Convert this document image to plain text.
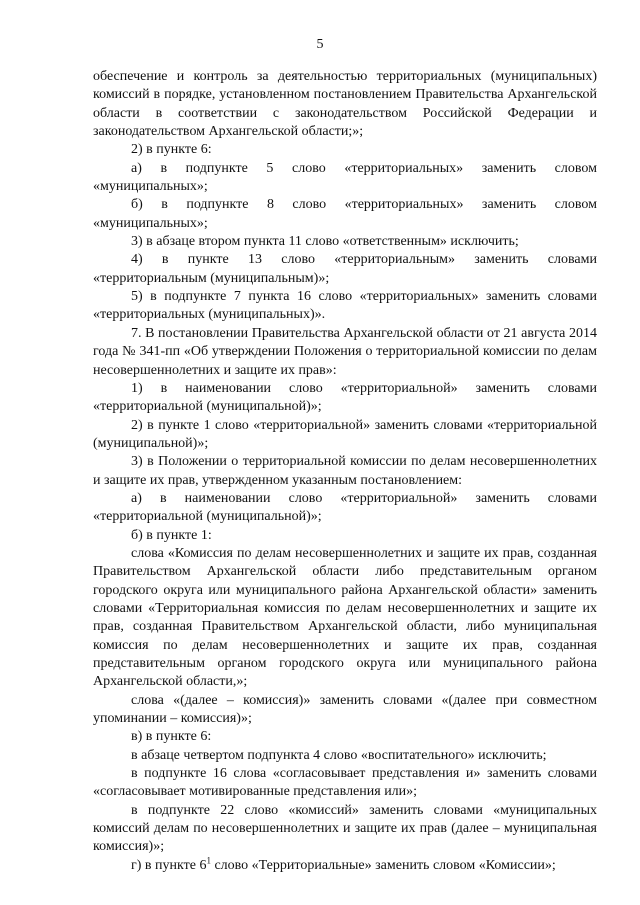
5

обеспечение и контроль за деятельностью территориальных (муниципальных) комиссий в порядке, установленном постановлением Правительства Архангельской области в соответствии с законодательством Российской Федерации и законодательством Архангельской области;»;

2) в пункте 6:

а) в подпункте 5 слово «территориальных» заменить словом «муниципальных»;

б) в подпункте 8 слово «территориальных» заменить словом «муниципальных»;

3) в абзаце втором пункта 11 слово «ответственным» исключить;

4) в пункте 13 слово «территориальным» заменить словами «территориальным (муниципальным)»;

5) в подпункте 7 пункта 16 слово «территориальных» заменить словами «территориальных (муниципальных)».

7. В постановлении Правительства Архангельской области от 21 августа 2014 года № 341-пп «Об утверждении Положения о территориальной комиссии по делам несовершеннолетних и защите их прав»:

1) в наименовании слово «территориальной» заменить словами «территориальной (муниципальной)»;

2) в пункте 1 слово «территориальной» заменить словами «территориальной (муниципальной)»;

3) в Положении о территориальной комиссии по делам несовершеннолетних и защите их прав, утвержденном указанным постановлением:

а) в наименовании слово «территориальной» заменить словами «территориальной (муниципальной)»;

б) в пункте 1:

слова «Комиссия по делам несовершеннолетних и защите их прав, созданная Правительством Архангельской области либо представительным органом городского округа или муниципального района Архангельской области» заменить словами «Территориальная комиссия по делам несовершеннолетних и защите их прав, созданная Правительством Архангельской области, либо муниципальная комиссия по делам несовершеннолетних и защите их прав, созданная представительным органом городского округа или муниципального района Архангельской области,»;

слова «(далее – комиссия)» заменить словами «(далее при совместном упоминании – комиссия)»;

в) в пункте 6:

в абзаце четвертом подпункта 4 слово «воспитательного» исключить;

в подпункте 16 слова «согласовывает представления и» заменить словами «согласовывает мотивированные представления или»;

в подпункте 22 слово «комиссий» заменить словами «муниципальных комиссий делам по несовершеннолетних и защите их прав (далее – муниципальная комиссия)»;

г) в пункте $6^1$ слово «Территориальные» заменить словом «Комиссии»;
